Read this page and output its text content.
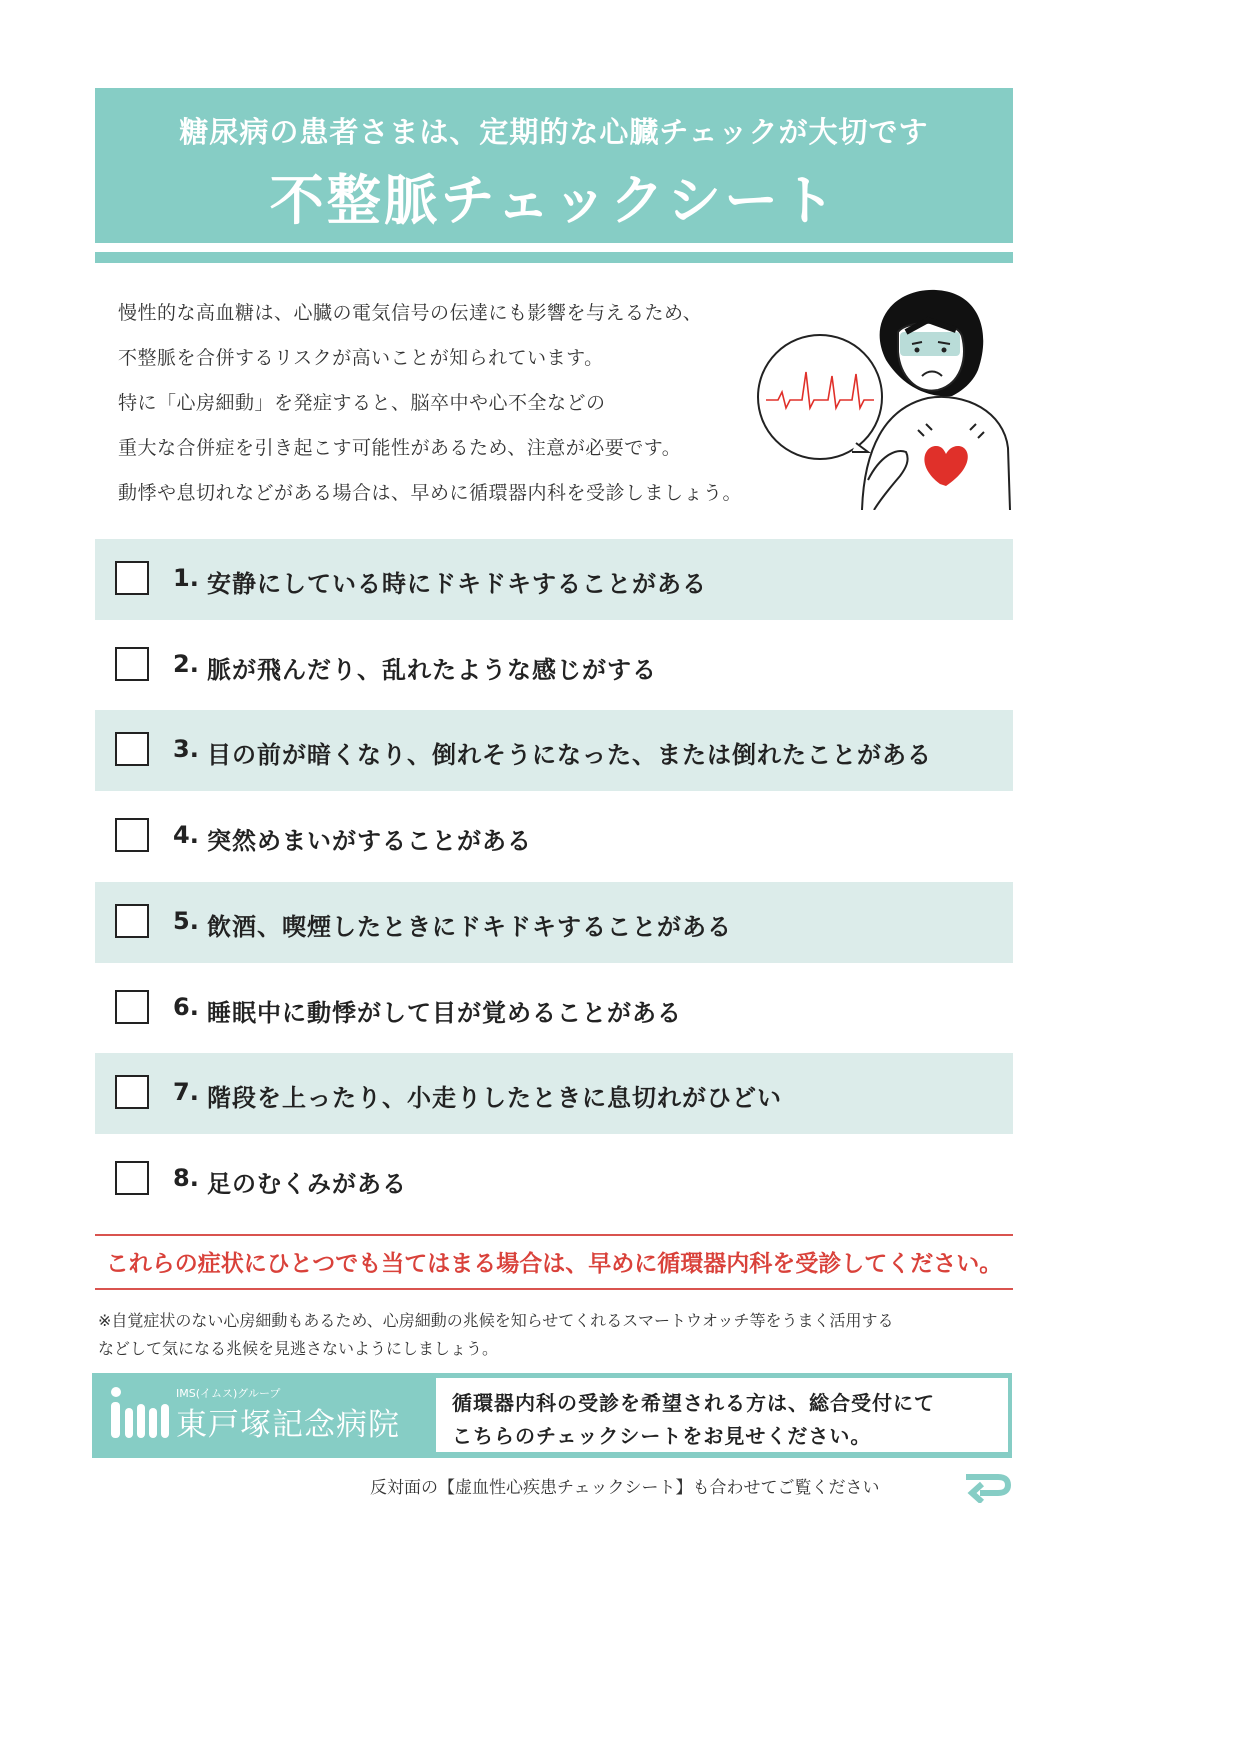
糖尿病の患者さまは、定期的な心臓チェックが大切です
不整脈チェックシート
慢性的な高血糖は、心臓の電気信号の伝達にも影響を与えるため、
不整脈を合併するリスクが高いことが知られています。
特に「心房細動」を発症すると、脳卒中や心不全などの
重大な合併症を引き起こす可能性があるため、注意が必要です。
動悸や息切れなどがある場合は、早めに循環器内科を受診しましょう。
1. 安静にしている時にドキドキすることがある
2. 脈が飛んだり、乱れたような感じがする
3. 目の前が暗くなり、倒れそうになった、または倒れたことがある
4. 突然めまいがすることがある
5. 飲酒、喫煙したときにドキドキすることがある
6. 睡眠中に動悸がして目が覚めることがある
7. 階段を上ったり、小走りしたときに息切れがひどい
8. 足のむくみがある
これらの症状にひとつでも当てはまる場合は、早めに循環器内科を受診してください。
※自覚症状のない心房細動もあるため、心房細動の兆候を知らせてくれるスマートウオッチ等をうまく活用する
などして気になる兆候を見逃さないようにしましょう。
IMS(イムス)グループ
東戸塚記念病院
循環器内科の受診を希望される方は、総合受付にて
こちらのチェックシートをお見せください。
反対面の【虚血性心疾患チェックシート】も合わせてご覧ください
